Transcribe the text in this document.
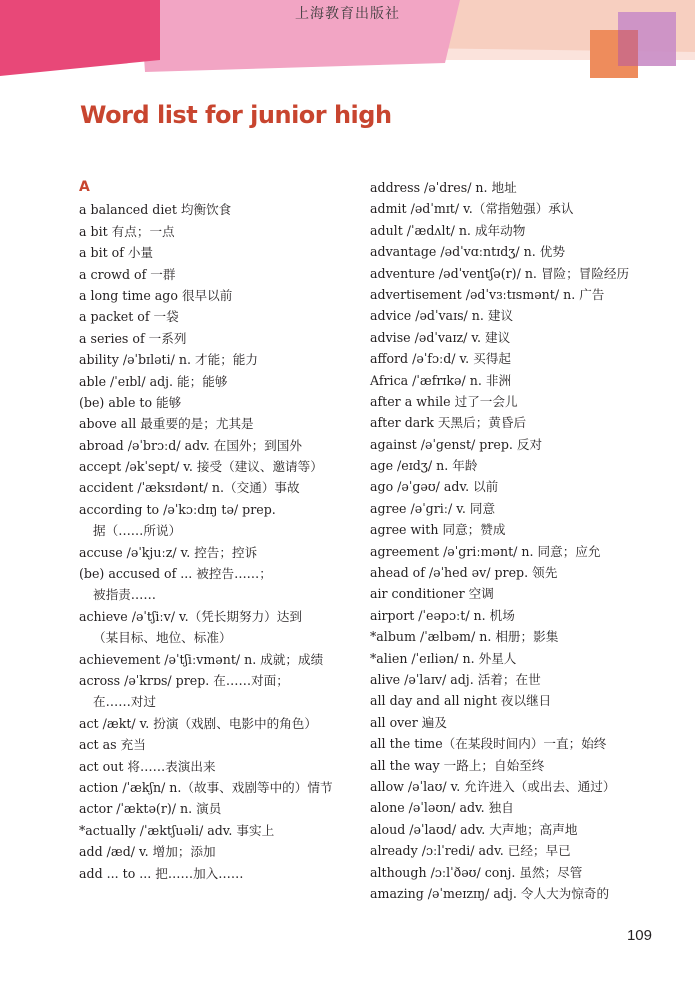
上海教育出版社
Word list for junior high
A
a balanced diet 均衡饮食
a bit 有点；一点
a bit of 小量
a crowd of 一群
a long time ago 很早以前
a packet of 一袋
a series of 一系列
ability /əˈbɪləti/ n. 才能；能力
able /ˈeɪbl/ adj. 能；能够
(be) able to 能够
above all 最重要的是；尤其是
abroad /əˈbrɔːd/ adv. 在国外；到国外
accept /əkˈsept/ v. 接受（建议、邀请等）
accident /ˈæksɪdənt/ n.（交通）事故
according to /əˈkɔːdɪŋ tə/ prep.
据（……所说）
accuse /əˈkjuːz/ v. 控告；控诉
(be) accused of ... 被控告……；
被指责……
achieve /əˈtʃiːv/ v.（凭长期努力）达到
（某目标、地位、标准）
achievement /əˈtʃiːvmənt/ n. 成就；成绩
across /əˈkrɒs/ prep. 在……对面；
在……对过
act /ækt/ v. 扮演（戏剧、电影中的角色）
act as 充当
act out 将……表演出来
action /ˈækʃn/ n.（故事、戏剧等中的）情节
actor /ˈæktə(r)/ n. 演员
*actually /ˈæktʃuəli/ adv. 事实上
add /æd/ v. 增加；添加
add ... to ... 把……加入……
address /əˈdres/ n. 地址
admit /ədˈmɪt/ v.（常指勉强）承认
adult /ˈædʌlt/ n. 成年动物
advantage /ədˈvɑːntɪdʒ/ n. 优势
adventure /ədˈventʃə(r)/ n. 冒险；冒险经历
advertisement /ədˈvɜːtɪsmənt/ n. 广告
advice /ədˈvaɪs/ n. 建议
advise /ədˈvaɪz/ v. 建议
afford /əˈfɔːd/ v. 买得起
Africa /ˈæfrɪkə/ n. 非洲
after a while 过了一会儿
after dark 天黑后；黄昏后
against /əˈgenst/ prep. 反对
age /eɪdʒ/ n. 年龄
ago /əˈgəʊ/ adv. 以前
agree /əˈgriː/ v. 同意
agree with 同意；赞成
agreement /əˈgriːmənt/ n. 同意；应允
ahead of /əˈhed əv/ prep. 领先
air conditioner 空调
airport /ˈeəpɔːt/ n. 机场
*album /ˈælbəm/ n. 相册；影集
*alien /ˈeɪliən/ n. 外星人
alive /əˈlaɪv/ adj. 活着；在世
all day and all night 夜以继日
all over 遍及
all the time（在某段时间内）一直；始终
all the way 一路上；自始至终
allow /əˈlaʊ/ v. 允许进入（或出去、通过）
alone /əˈləʊn/ adv. 独自
aloud /əˈlaʊd/ adv. 大声地；高声地
already /ɔːlˈredi/ adv. 已经；早已
although /ɔːlˈðəʊ/ conj. 虽然；尽管
amazing /əˈmeɪzɪŋ/ adj. 令人大为惊奇的
109
